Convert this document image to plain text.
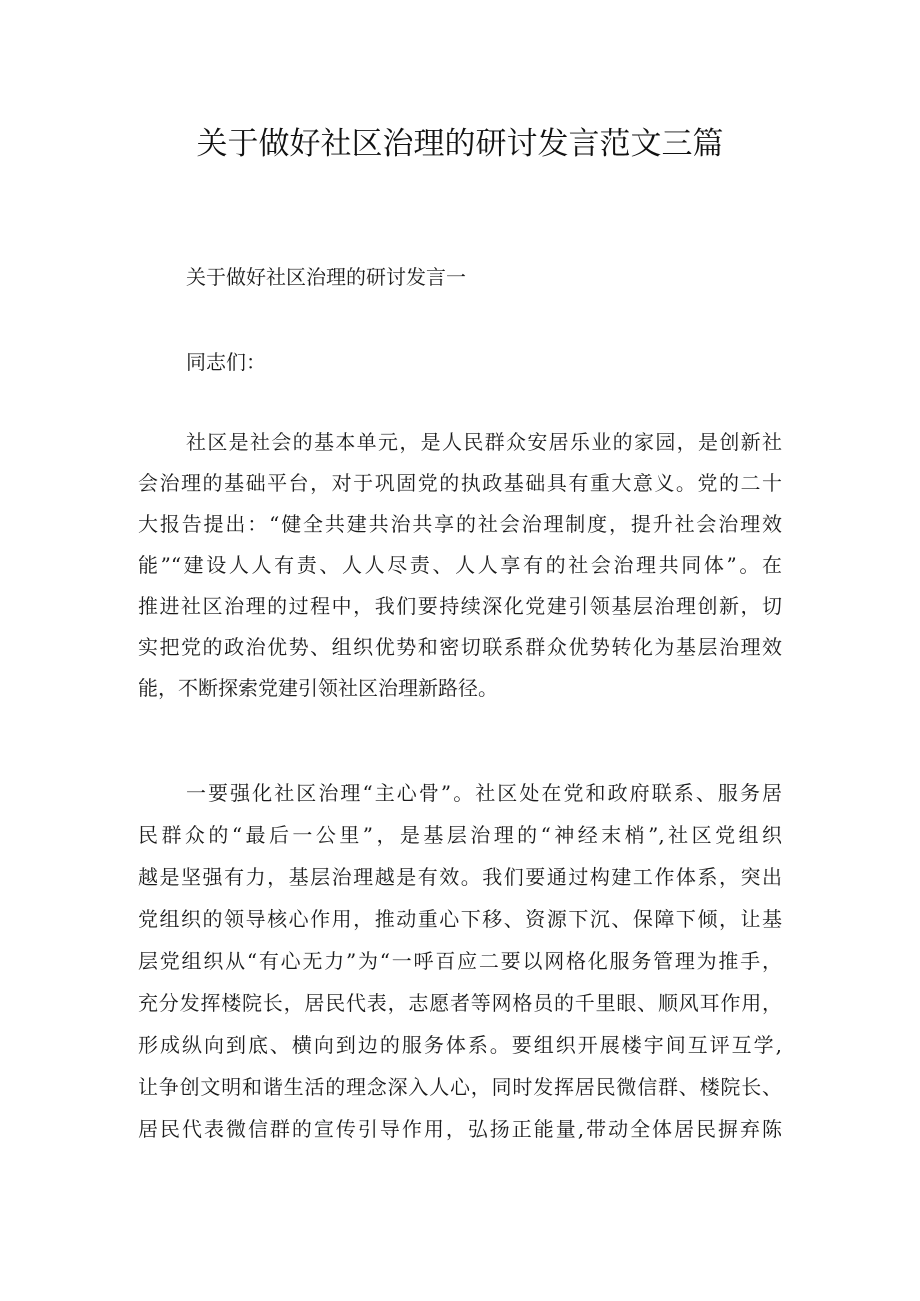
关于做好社区治理的研讨发言范文三篇
关于做好社区治理的研讨发言一
同志们：
社区是社会的基本单元，是人民群众安居乐业的家园，是创新社
会治理的基础平台，对于巩固党的执政基础具有重大意义。党的二十
大报告提出：“健全共建共治共享的社会治理制度，提升社会治理效
能”“建设人人有责、人人尽责、人人享有的社会治理共同体”。在
推进社区治理的过程中，我们要持续深化党建引领基层治理创新，切
实把党的政治优势、组织优势和密切联系群众优势转化为基层治理效
能，不断探索党建引领社区治理新路径。
一要强化社区治理“主心骨”。社区处在党和政府联系、服务居
民群众的“最后一公里”，是基层治理的“神经末梢”,社区党组织
越是坚强有力，基层治理越是有效。我们要通过构建工作体系，突出
党组织的领导核心作用，推动重心下移、资源下沉、保障下倾，让基
层党组织从“有心无力”为“一呼百应二要以网格化服务管理为推手，
充分发挥楼院长，居民代表，志愿者等网格员的千里眼、顺风耳作用，
形成纵向到底、横向到边的服务体系。要组织开展楼宇间互评互学,
让争创文明和谐生活的理念深入人心，同时发挥居民微信群、楼院长、
居民代表微信群的宣传引导作用，弘扬正能量,带动全体居民摒弃陈
